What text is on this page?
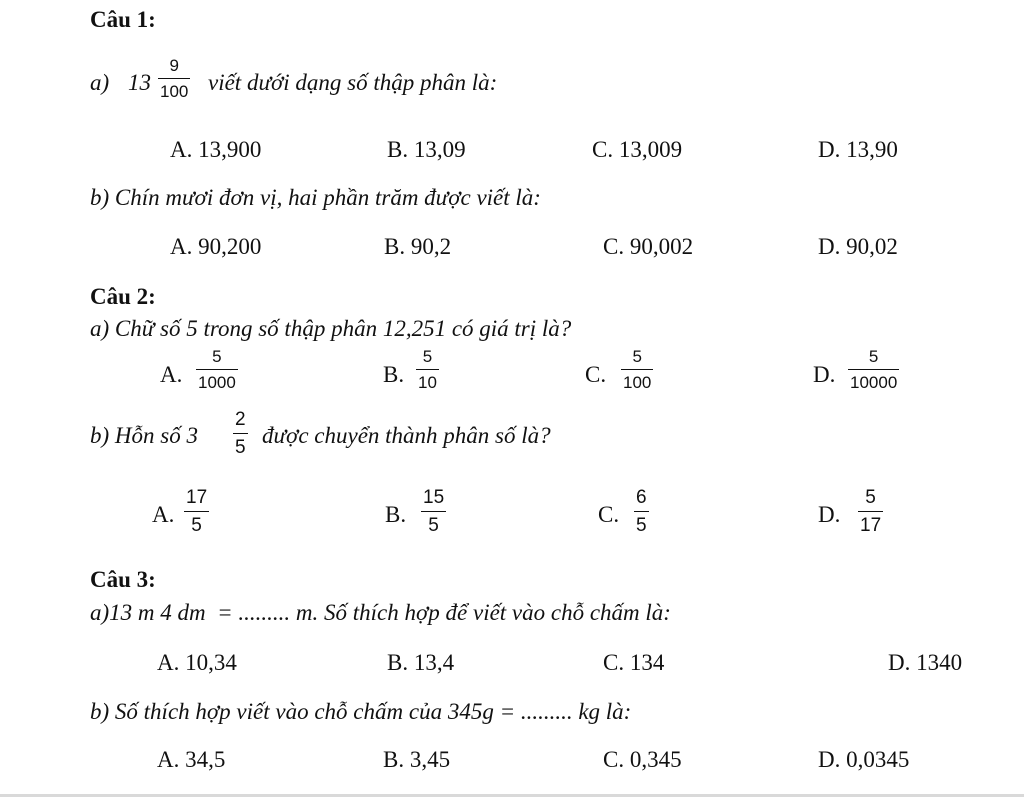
Câu 1:
a) 13
9
100 viết dưới dạng số thập phân là:
A. 13,900	B. 13,09	C. 13,009	D. 13,90
b) Chín mươi đơn vị, hai phần trăm được viết là:
A. 90,200	B. 90,2	C. 90,002	D. 90,02
Câu 2:
a) Chữ số 5 trong số thập phân 12,251 có giá trị là?
A.
5
1000	B.
5
10	C.
5
100	D.
5
10000
b) Hỗn số 3
2
5 được chuyển thành phân số là?
A.
17
5	B.
15
5	C.
6
5	D.
5
17
Câu 3:
a)13 m 4 dm  = ......... m. Số thích hợp để viết vào chỗ chấm là:
A. 10,34	B. 13,4	C. 134	D. 1340
b) Số thích hợp viết vào chỗ chấm của 345g = ......... kg là:
A. 34,5	B. 3,45	C. 0,345	D. 0,0345
